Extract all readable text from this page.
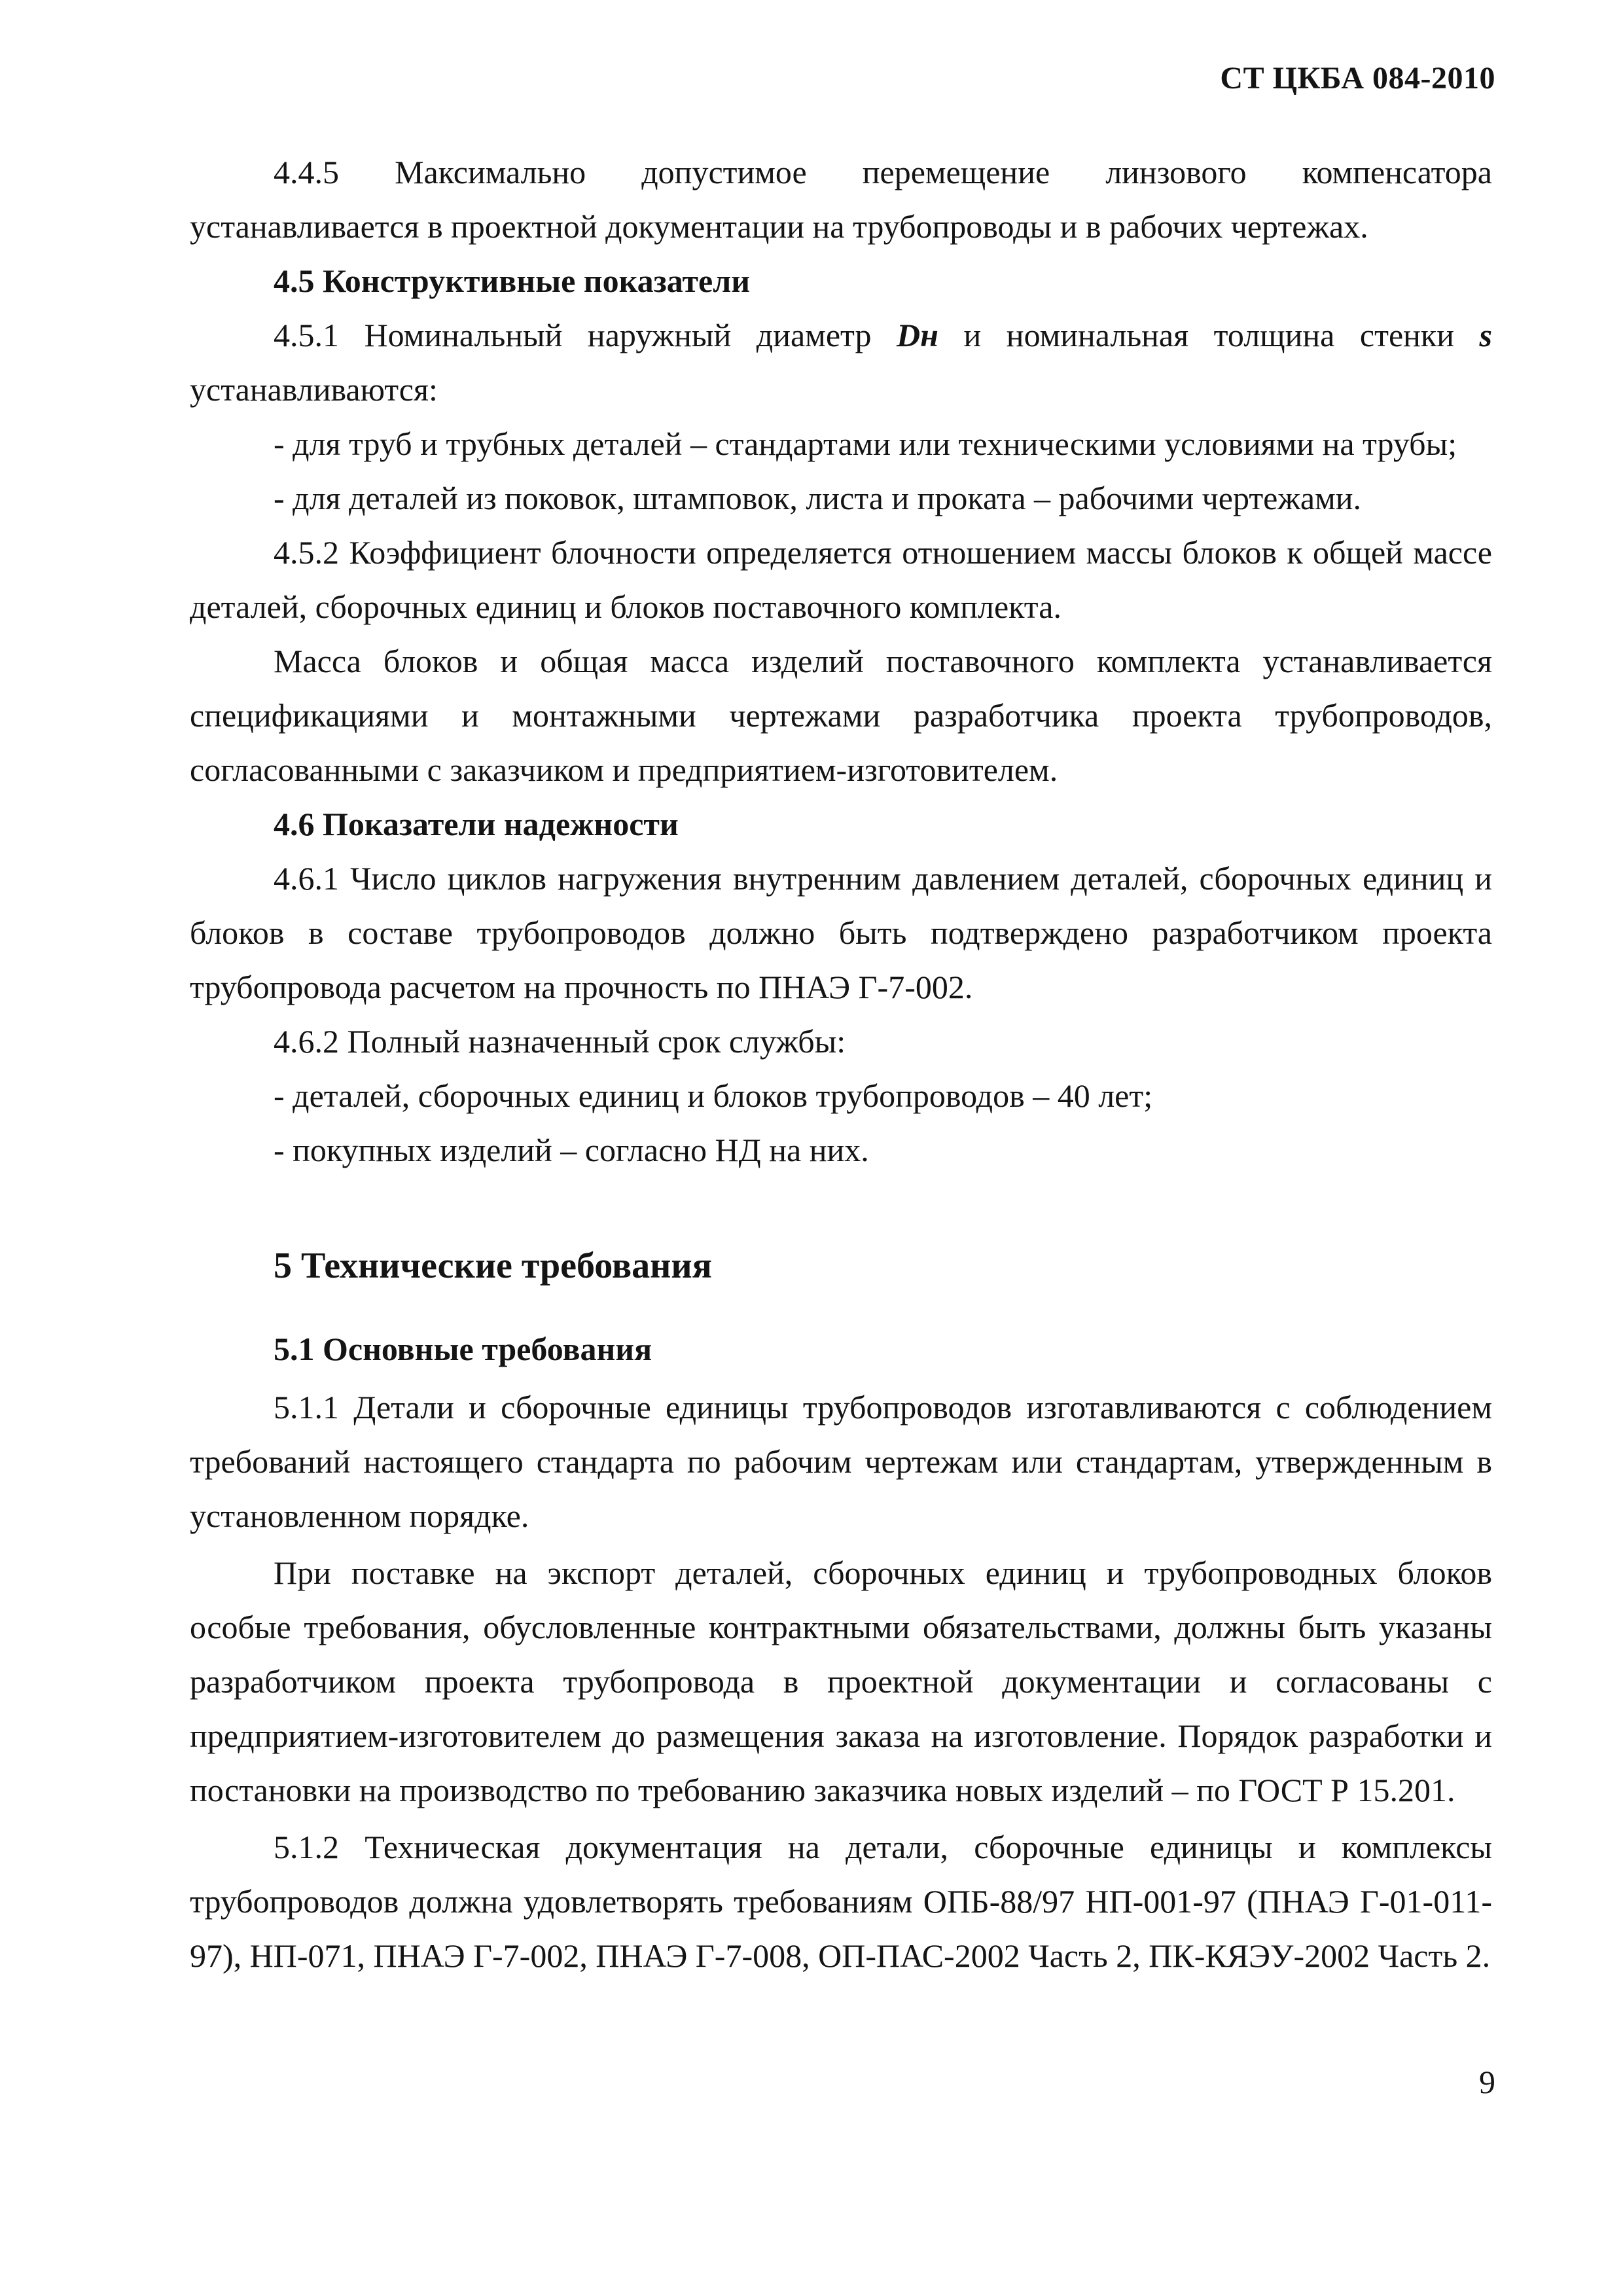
СТ ЦКБА 084-2010

4.4.5 Максимально допустимое перемещение линзового компенсатора устанавливается в проектной документации на трубопроводы и в рабочих чертежах.

4.5 Конструктивные показатели

4.5.1 Номинальный наружный диаметр Dн и номинальная толщина стенки s устанавливаются:

- для труб и трубных деталей – стандартами или техническими условиями на трубы;

- для деталей из поковок, штамповок, листа и проката – рабочими чертежами.

4.5.2 Коэффициент блочности определяется отношением массы блоков к общей массе деталей, сборочных единиц и блоков поставочного комплекта.

Масса блоков и общая масса изделий поставочного комплекта устанавливается спецификациями и монтажными чертежами разработчика проекта трубопроводов, согласованными с заказчиком и предприятием-изготовителем.

4.6 Показатели надежности

4.6.1 Число циклов нагружения внутренним давлением деталей, сборочных единиц и блоков в составе трубопроводов должно быть подтверждено разработчиком проекта трубопровода расчетом на прочность по ПНАЭ Г-7-002.

4.6.2 Полный назначенный срок службы:

- деталей, сборочных единиц и блоков трубопроводов – 40 лет;

- покупных изделий – согласно НД на них.

5 Технические требования

5.1 Основные требования

5.1.1 Детали и сборочные единицы трубопроводов изготавливаются с соблюдением требований настоящего стандарта по рабочим чертежам или стандартам, утвержденным в установленном порядке.

При поставке на экспорт деталей, сборочных единиц и трубопроводных блоков особые требования, обусловленные контрактными обязательствами, должны быть указаны разработчиком проекта трубопровода в проектной документации и согласованы с предприятием-изготовителем до размещения заказа на изготовление. Порядок разработки и постановки на производство по требованию заказчика новых изделий – по ГОСТ Р 15.201.

5.1.2 Техническая документация на детали, сборочные единицы и комплексы трубопроводов должна удовлетворять требованиям ОПБ-88/97 НП-001-97 (ПНАЭ Г-01-011-97), НП-071, ПНАЭ Г-7-002, ПНАЭ Г-7-008, ОП-ПАС-2002 Часть 2, ПК-КЯЭУ-2002 Часть 2.

9
